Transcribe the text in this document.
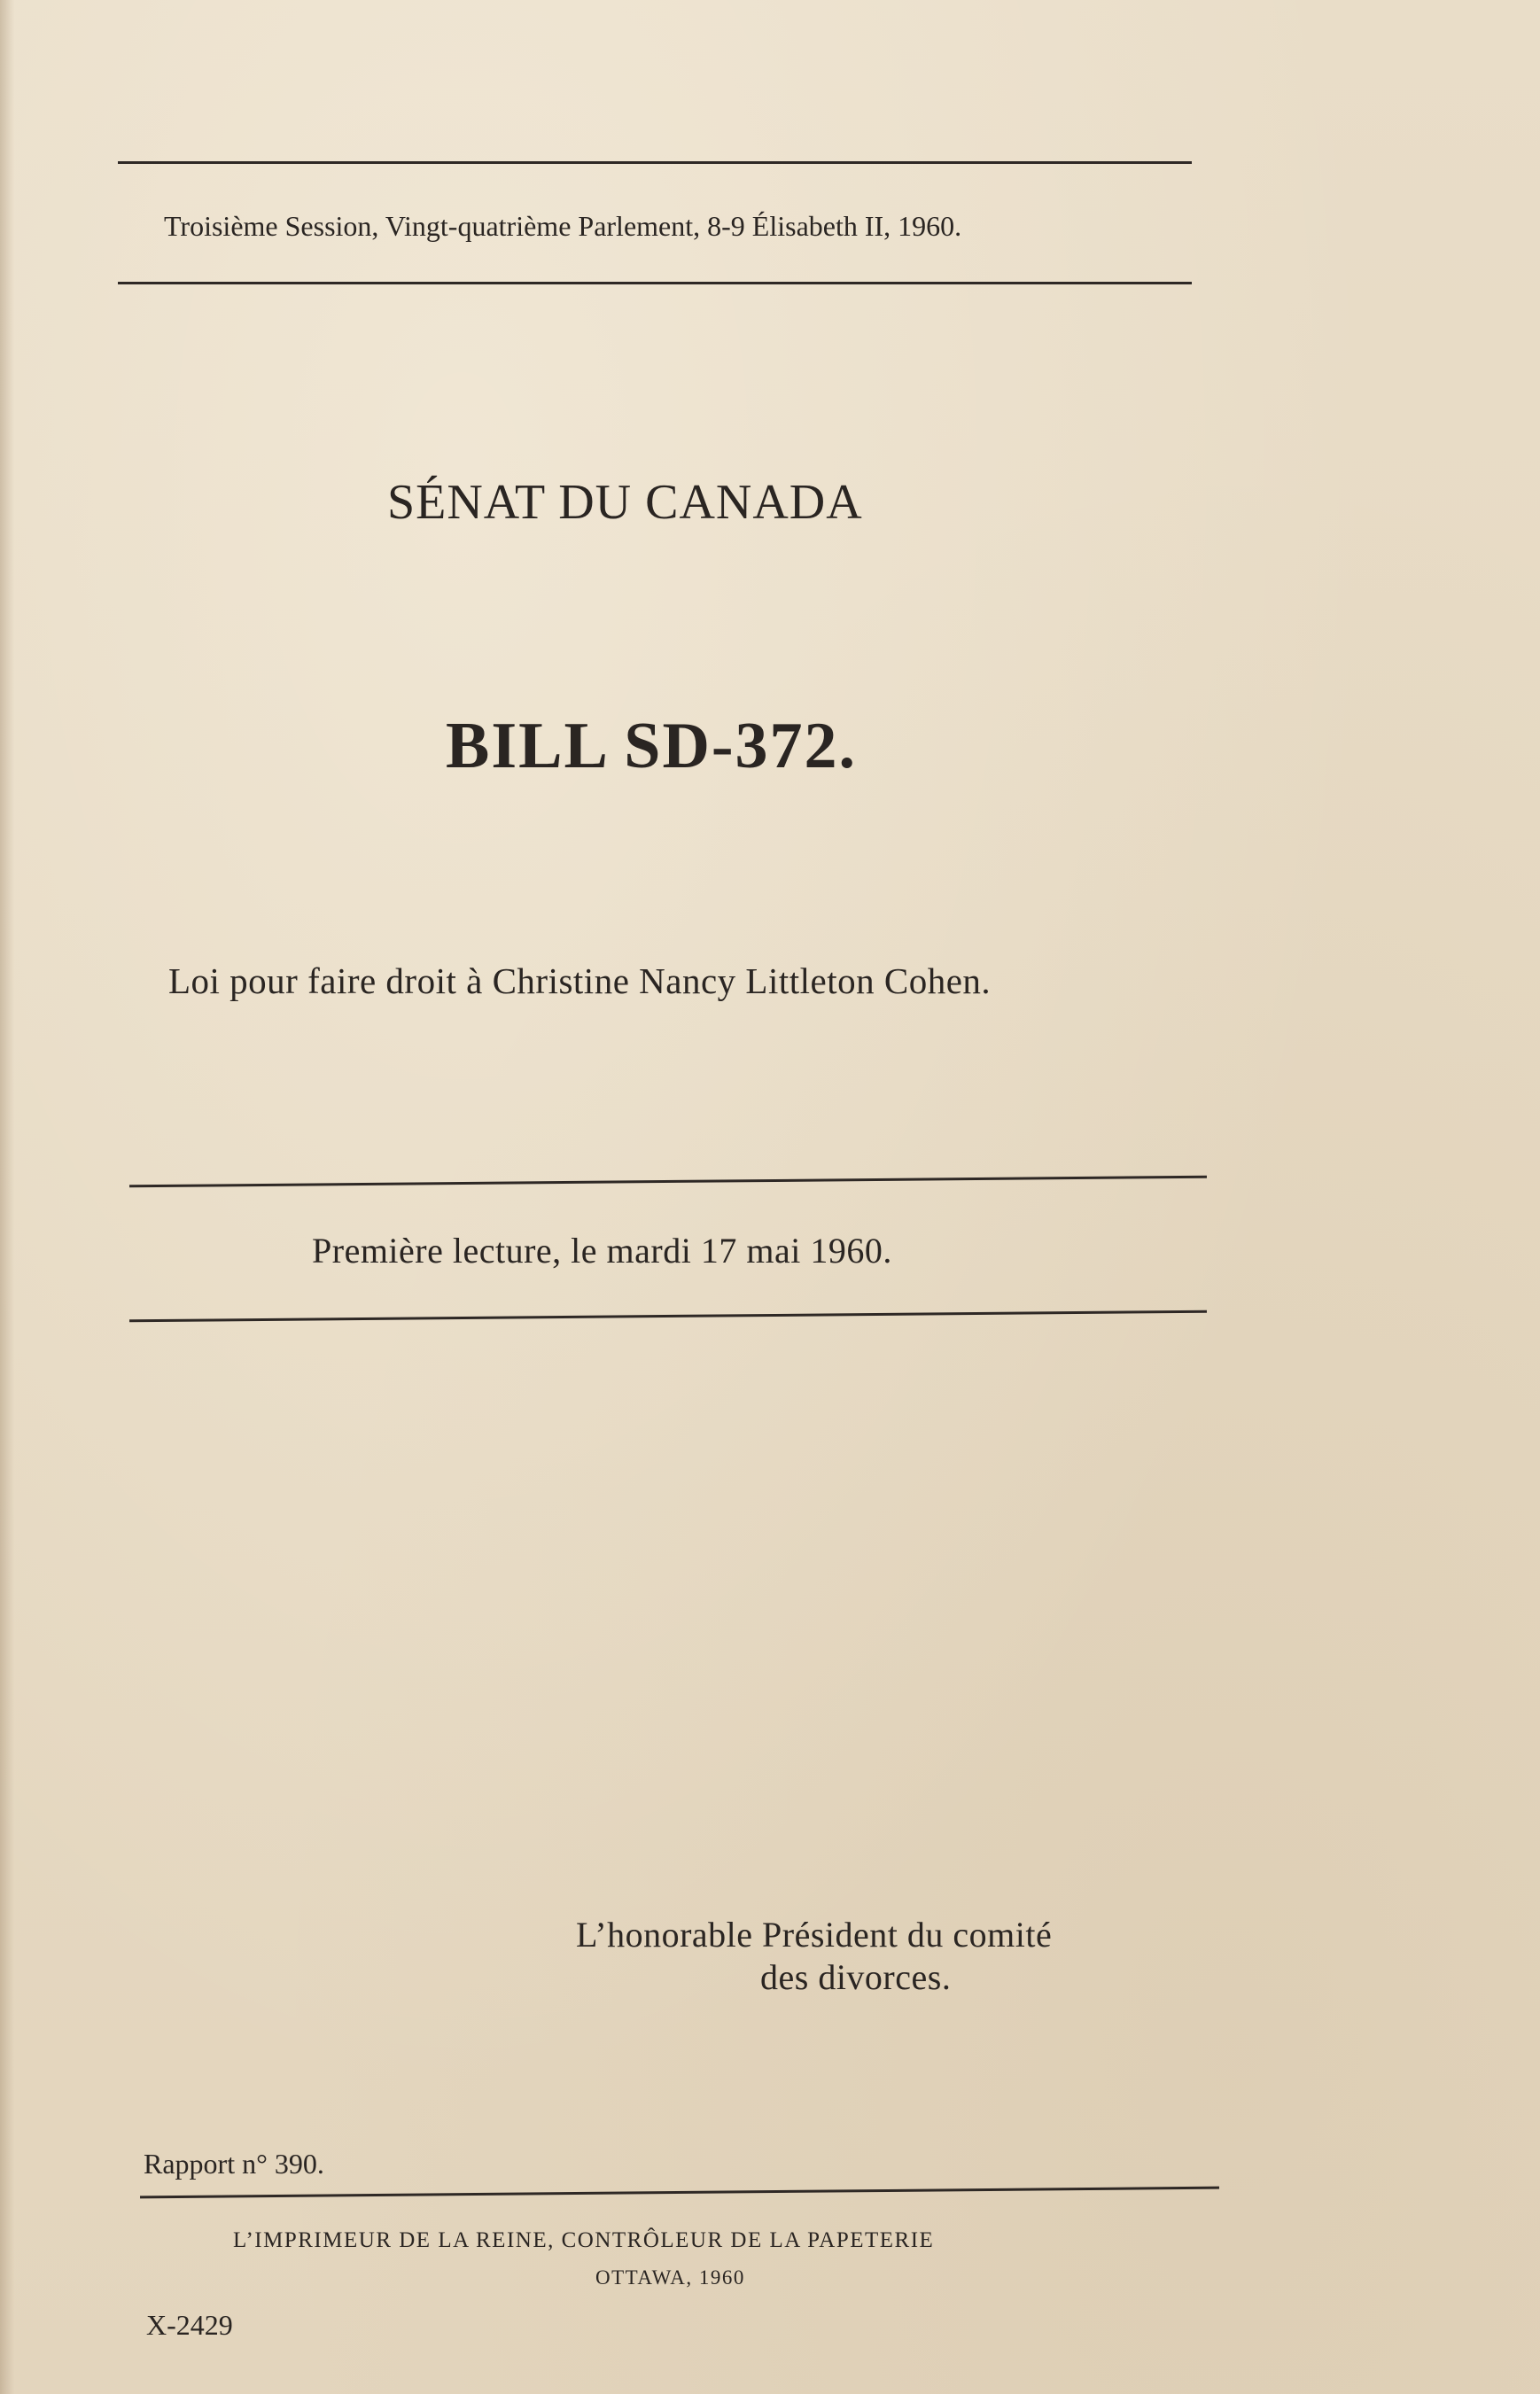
Troisième Session, Vingt-quatrième Parlement, 8-9 Élisabeth II, 1960.
SÉNAT DU CANADA
BILL SD-372.
Loi pour faire droit à Christine Nancy Littleton Cohen.
Première lecture, le mardi 17 mai 1960.
L’honorable Président du comité
des divorces.
Rapport n° 390.
L’IMPRIMEUR DE LA REINE, CONTRÔLEUR DE LA PAPETERIE
OTTAWA, 1960
X-2429
